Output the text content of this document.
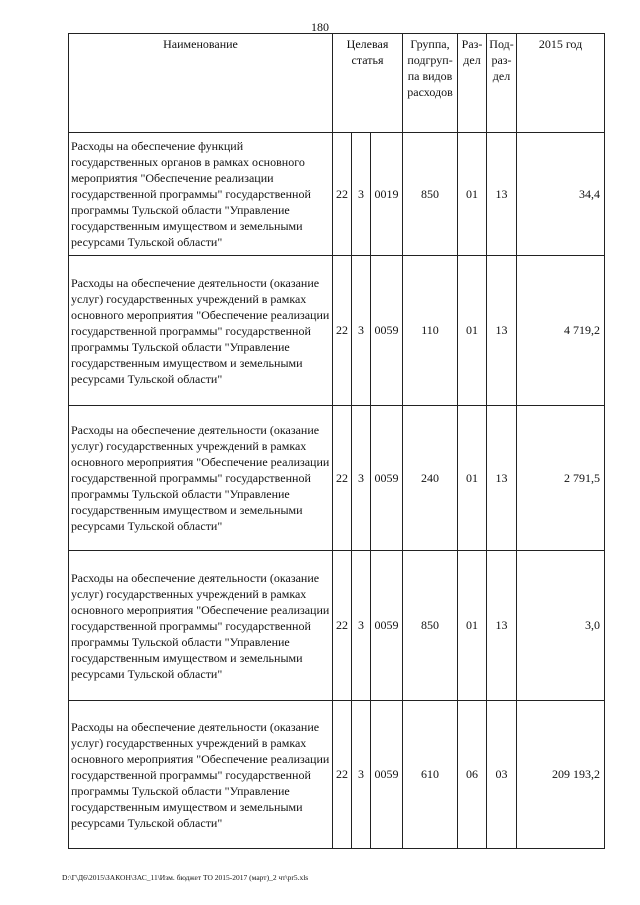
180
Наименование	Целевая статья			Группа, подгруп-па видов расходов	Раз-дел	Под-раз-дел	2015 год
Расходы на обеспечение функций государственных органов в рамках основного мероприятия "Обеспечение реализации государственной программы" государственной программы Тульской области "Управление государственным имуществом и земельными ресурсами Тульской области"	22	3	0019	850	01	13	34,4
Расходы на обеспечение деятельности (оказание услуг) государственных учреждений в рамках основного мероприятия "Обеспечение реализации государственной программы" государственной программы Тульской области "Управление государственным имуществом и земельными ресурсами Тульской области"	22	3	0059	110	01	13	4 719,2
Расходы на обеспечение деятельности (оказание услуг) государственных учреждений в рамках основного мероприятия "Обеспечение реализации государственной программы" государственной программы Тульской области "Управление государственным имуществом и земельными ресурсами Тульской области"	22	3	0059	240	01	13	2 791,5
Расходы на обеспечение деятельности (оказание услуг) государственных учреждений в рамках основного мероприятия "Обеспечение реализации государственной программы" государственной программы Тульской области "Управление государственным имуществом и земельными ресурсами Тульской области"	22	3	0059	850	01	13	3,0
Расходы на обеспечение деятельности (оказание услуг) государственных учреждений в рамках основного мероприятия "Обеспечение реализации государственной программы" государственной программы Тульской области "Управление государственным имуществом и земельными ресурсами Тульской области"	22	3	0059	610	06	03	209 193,2
D:\Г\Д6\2015\ЗАКОН\ЗАС_11\Изм. бюджет ТО 2015-2017 (март)_2 чт\pr5.xls
